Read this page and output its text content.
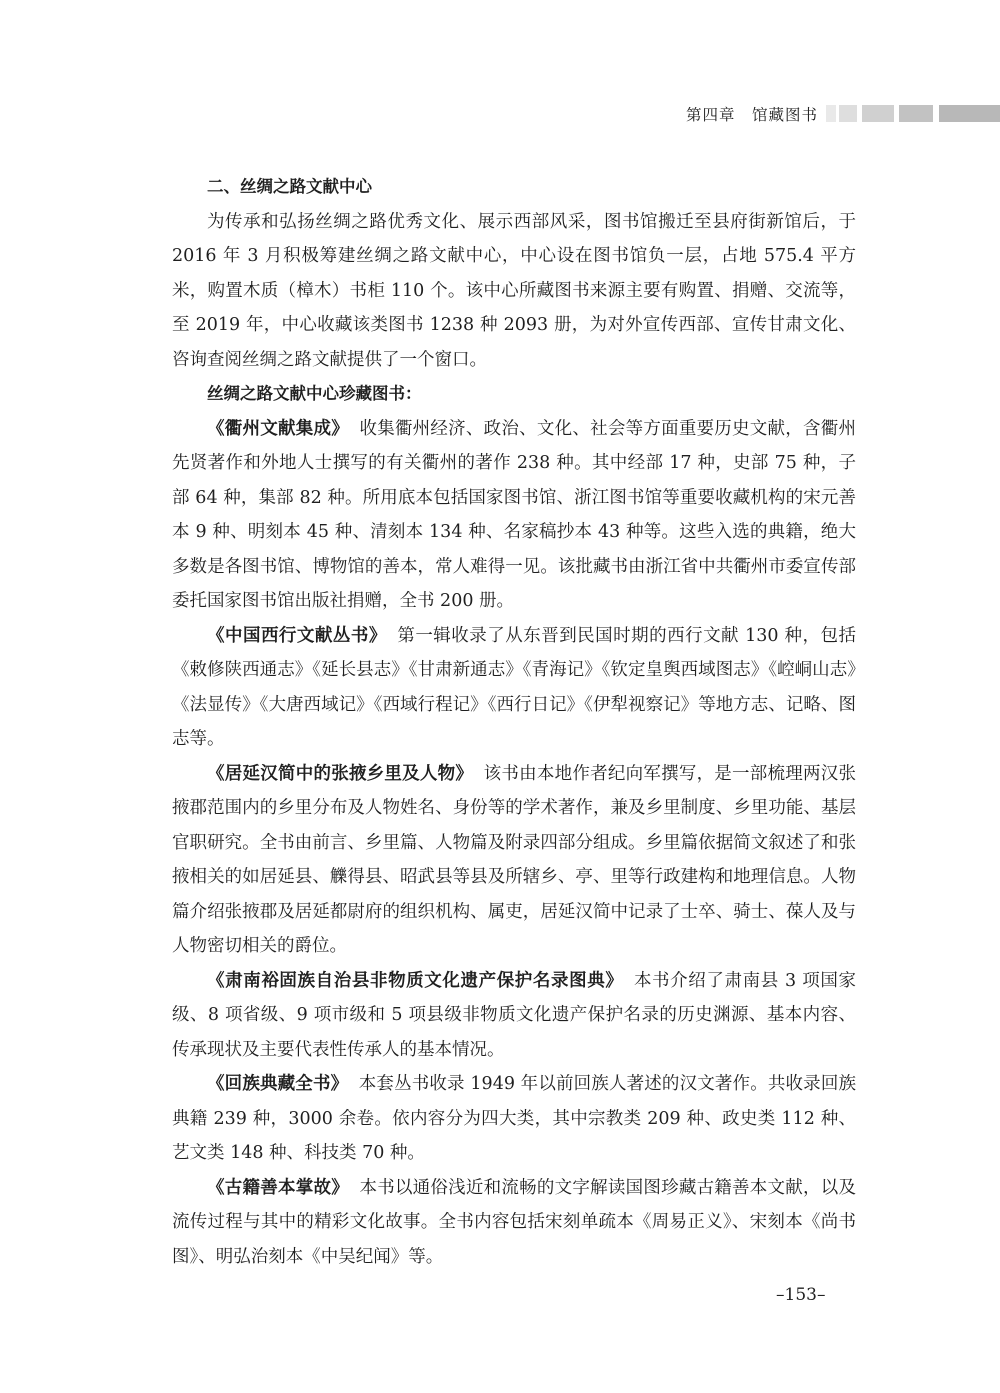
第四章　馆藏图书

二、丝绸之路文献中心

为传承和弘扬丝绸之路优秀文化、展示西部风采，图书馆搬迁至县府街新馆后，于 2016 年 3 月积极筹建丝绸之路文献中心，中心设在图书馆负一层，占地 575.4 平方米，购置木质（樟木）书柜 110 个。该中心所藏图书来源主要有购置、捐赠、交流等，至 2019 年，中心收藏该类图书 1238 种 2093 册，为对外宣传西部、宣传甘肃文化、咨询查阅丝绸之路文献提供了一个窗口。

丝绸之路文献中心珍藏图书：

《衢州文献集成》 收集衢州经济、政治、文化、社会等方面重要历史文献，含衢州先贤著作和外地人士撰写的有关衢州的著作 238 种。其中经部 17 种，史部 75 种，子部 64 种，集部 82 种。所用底本包括国家图书馆、浙江图书馆等重要收藏机构的宋元善本 9 种、明刻本 45 种、清刻本 134 种、名家稿抄本 43 种等。这些入选的典籍，绝大多数是各图书馆、博物馆的善本，常人难得一见。该批藏书由浙江省中共衢州市委宣传部委托国家图书馆出版社捐赠，全书 200 册。

《中国西行文献丛书》 第一辑收录了从东晋到民国时期的西行文献 130 种，包括《敕修陕西通志》《延长县志》《甘肃新通志》《青海记》《钦定皇舆西域图志》《崆峒山志》《法显传》《大唐西域记》《西域行程记》《西行日记》《伊犁视察记》等地方志、记略、图志等。

《居延汉简中的张掖乡里及人物》 该书由本地作者纪向军撰写，是一部梳理两汉张掖郡范围内的乡里分布及人物姓名、身份等的学术著作，兼及乡里制度、乡里功能、基层官职研究。全书由前言、乡里篇、人物篇及附录四部分组成。乡里篇依据简文叙述了和张掖相关的如居延县、觻得县、昭武县等县及所辖乡、亭、里等行政建构和地理信息。人物篇介绍张掖郡及居延都尉府的组织机构、属吏，居延汉简中记录了士卒、骑士、葆人及与人物密切相关的爵位。

《肃南裕固族自治县非物质文化遗产保护名录图典》 本书介绍了肃南县 3 项国家级、8 项省级、9 项市级和 5 项县级非物质文化遗产保护名录的历史渊源、基本内容、传承现状及主要代表性传承人的基本情况。

《回族典藏全书》 本套丛书收录 1949 年以前回族人著述的汉文著作。共收录回族典籍 239 种，3000 余卷。依内容分为四大类，其中宗教类 209 种、政史类 112 种、艺文类 148 种、科技类 70 种。

《古籍善本掌故》 本书以通俗浅近和流畅的文字解读国图珍藏古籍善本文献，以及流传过程与其中的精彩文化故事。全书内容包括宋刻单疏本《周易正义》、宋刻本《尚书图》、明弘治刻本《中吴纪闻》等。

–153–
